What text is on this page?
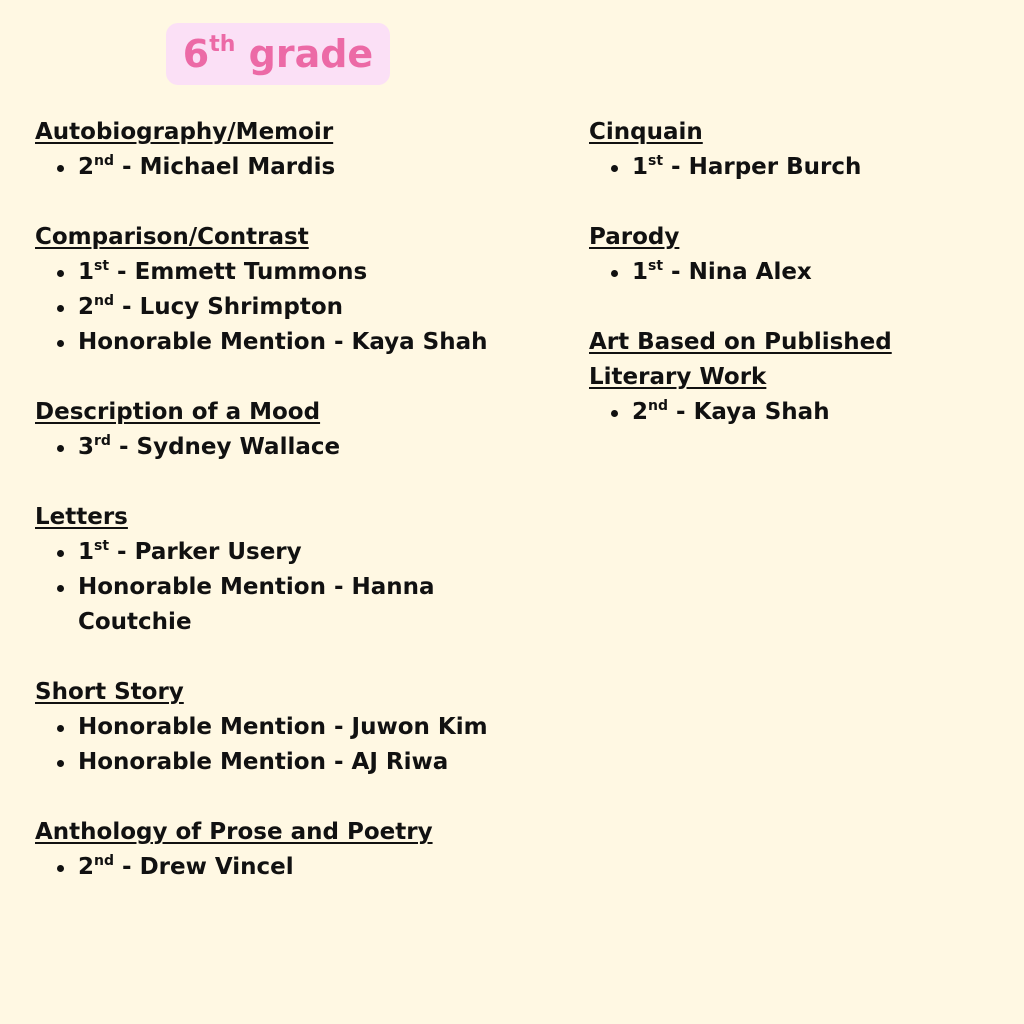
6th grade
Autobiography/Memoir
2nd - Michael Mardis
Comparison/Contrast
1st - Emmett Tummons
2nd - Lucy Shrimpton
Honorable Mention - Kaya Shah
Description of a Mood
3rd - Sydney Wallace
Letters
1st - Parker Usery
Honorable Mention - Hanna Coutchie
Short Story
Honorable Mention - Juwon Kim
Honorable Mention - AJ Riwa
Anthology of Prose and Poetry
2nd - Drew Vincel
Cinquain
1st - Harper Burch
Parody
1st - Nina Alex
Art Based on Published Literary Work
2nd - Kaya Shah
